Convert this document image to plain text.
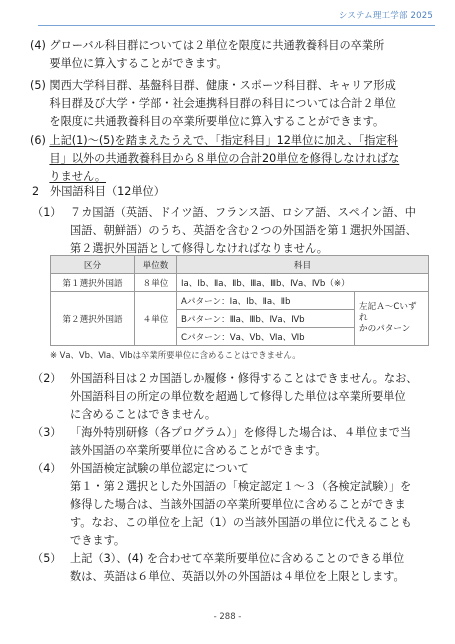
システム理工学部 2025
(4) グローバル科目群については２単位を限度に共通教養科目の卒業所
要単位に算入することができます。
(5) 関西大学科目群、基盤科目群、健康・スポーツ科目群、キャリア形成
科目群及び大学・学部・社会連携科目群の科目については合計２単位
を限度に共通教養科目の卒業所要単位に算入することができます。
(6) 上記(1)～(5)を踏まえたうえで、「指定科目」12単位に加え、「指定科
目」以外の共通教養科目から８単位の合計20単位を修得しなければな
りません。
2 外国語科目（12単位）
（1） ７カ国語（英語、ドイツ語、フランス語、ロシア語、スペイン語、中
国語、朝鮮語）のうち、英語を含む２つの外国語を第１選択外国語、
第２選択外国語として修得しなければなりません。
区分	単位数	科目	
第１選択外国語	８単位	Ⅰa、Ⅰb、Ⅱa、Ⅱb、Ⅲa、Ⅲb、Ⅳa、Ⅳb（※）	
第２選択外国語	４単位	Aパターン：Ⅰa、Ⅰb、Ⅱa、Ⅱb	左記Ａ～Cいずれ
かのパターン

		Bパターン：Ⅲa、Ⅲb、Ⅳa、Ⅳb	
		Cパターン：Ⅴa、Ⅴb、Ⅵa、Ⅵb	
※ Ⅴa、Ⅴb、Ⅵa、Ⅵbは卒業所要単位に含めることはできません。
（2） 外国語科目は２カ国語しか履修・修得することはできません。なお、
外国語科目の所定の単位数を超過して修得した単位は卒業所要単位
に含めることはできません。
（3） 「海外特別研修（各プログラム）」を修得した場合は、４単位まで当
該外国語の卒業所要単位に含めることができます。
（4） 外国語検定試験の単位認定について
第１・第２選択とした外国語の「検定認定１～３（各検定試験）」を
修得した場合は、当該外国語の卒業所要単位に含めることができま
す。なお、この単位を上記（1）の当該外国語の単位に代えることも
できます。
（5） 上記（3）、(4) を合わせて卒業所要単位に含めることのできる単位
数は、英語は６単位、英語以外の外国語は４単位を上限とします。
- 288 -
